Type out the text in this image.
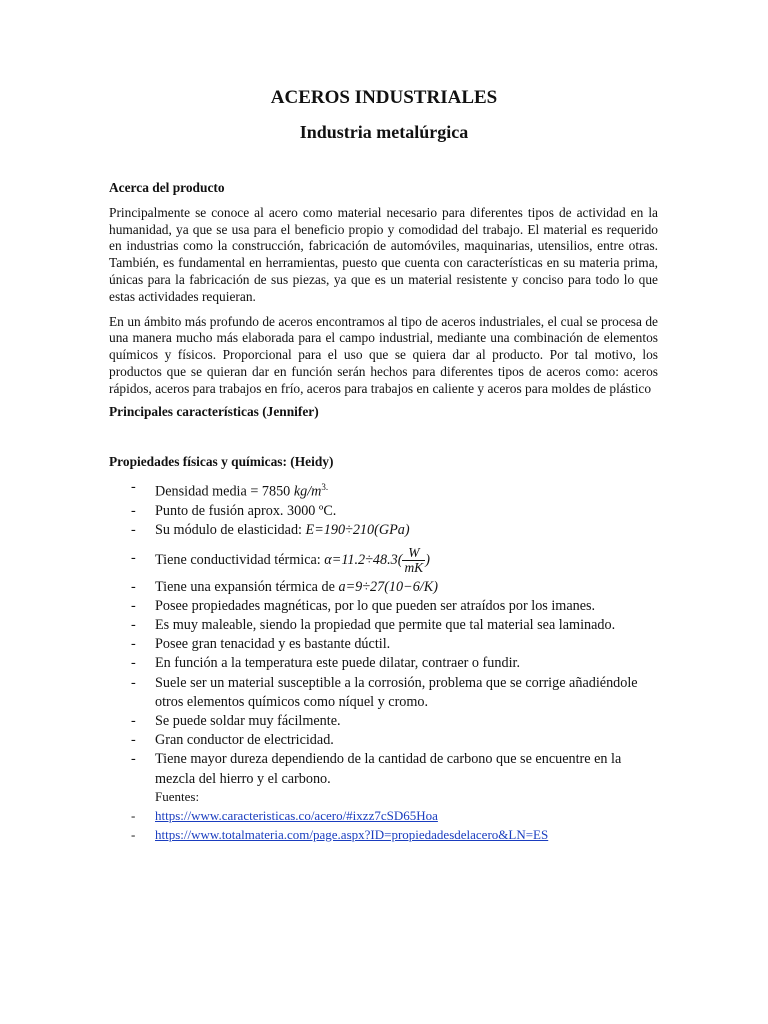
ACEROS INDUSTRIALES
Industria metalúrgica

Acerca del producto

Principalmente se conoce al acero como material necesario para diferentes tipos de actividad en la humanidad, ya que se usa para el beneficio propio y comodidad del trabajo. El material es requerido en industrias como la construcción, fabricación de automóviles, maquinarias, utensilios, entre otras. También, es fundamental en herramientas, puesto que cuenta con características en su materia prima, únicas para la fabricación de sus piezas, ya que es un material resistente y conciso para todo lo que estas actividades requieran.

En un ámbito más profundo de aceros encontramos al tipo de aceros industriales, el cual se procesa de una manera mucho más elaborada para el campo industrial, mediante una combinación de elementos químicos y físicos. Proporcional para el uso que se quiera dar al producto. Por tal motivo, los productos que se quieran dar en función serán hechos para diferentes tipos de aceros como: aceros rápidos, aceros para trabajos en frío, aceros para trabajos en caliente y aceros para moldes de plástico

Principales características (Jennifer)

Propiedades físicas y químicas: (Heidy)

- Densidad media = 7850 $kg/m^{3.}$
- Punto de fusión aprox. 3000 ºC.
- Su módulo de elasticidad: E=190÷210(GPa)
- Tiene conductividad térmica: $\alpha=11.2\div 48.3( \frac{W}{mK}$ )
- Tiene una expansión térmica de a=9÷27(10−6/K)
- Posee propiedades magnéticas, por lo que pueden ser atraídos por los imanes.
- Es muy maleable, siendo la propiedad que permite que tal material sea laminado.
- Posee gran tenacidad y es bastante dúctil.
- En función a la temperatura este puede dilatar, contraer o fundir.
- Suele ser un material susceptible a la corrosión, problema que se corrige añadiéndole otros elementos químicos como níquel y cromo.
- Se puede soldar muy fácilmente.
- Gran conductor de electricidad.
- Tiene mayor dureza dependiendo de la cantidad de carbono que se encuentre en la mezcla del hierro y el carbono.
Fuentes:
- https://www.caracteristicas.co/acero/#ixzz7cSD65Hoa
- https://www.totalmateria.com/page.aspx?ID=propiedadesdelacero&LN=ES
